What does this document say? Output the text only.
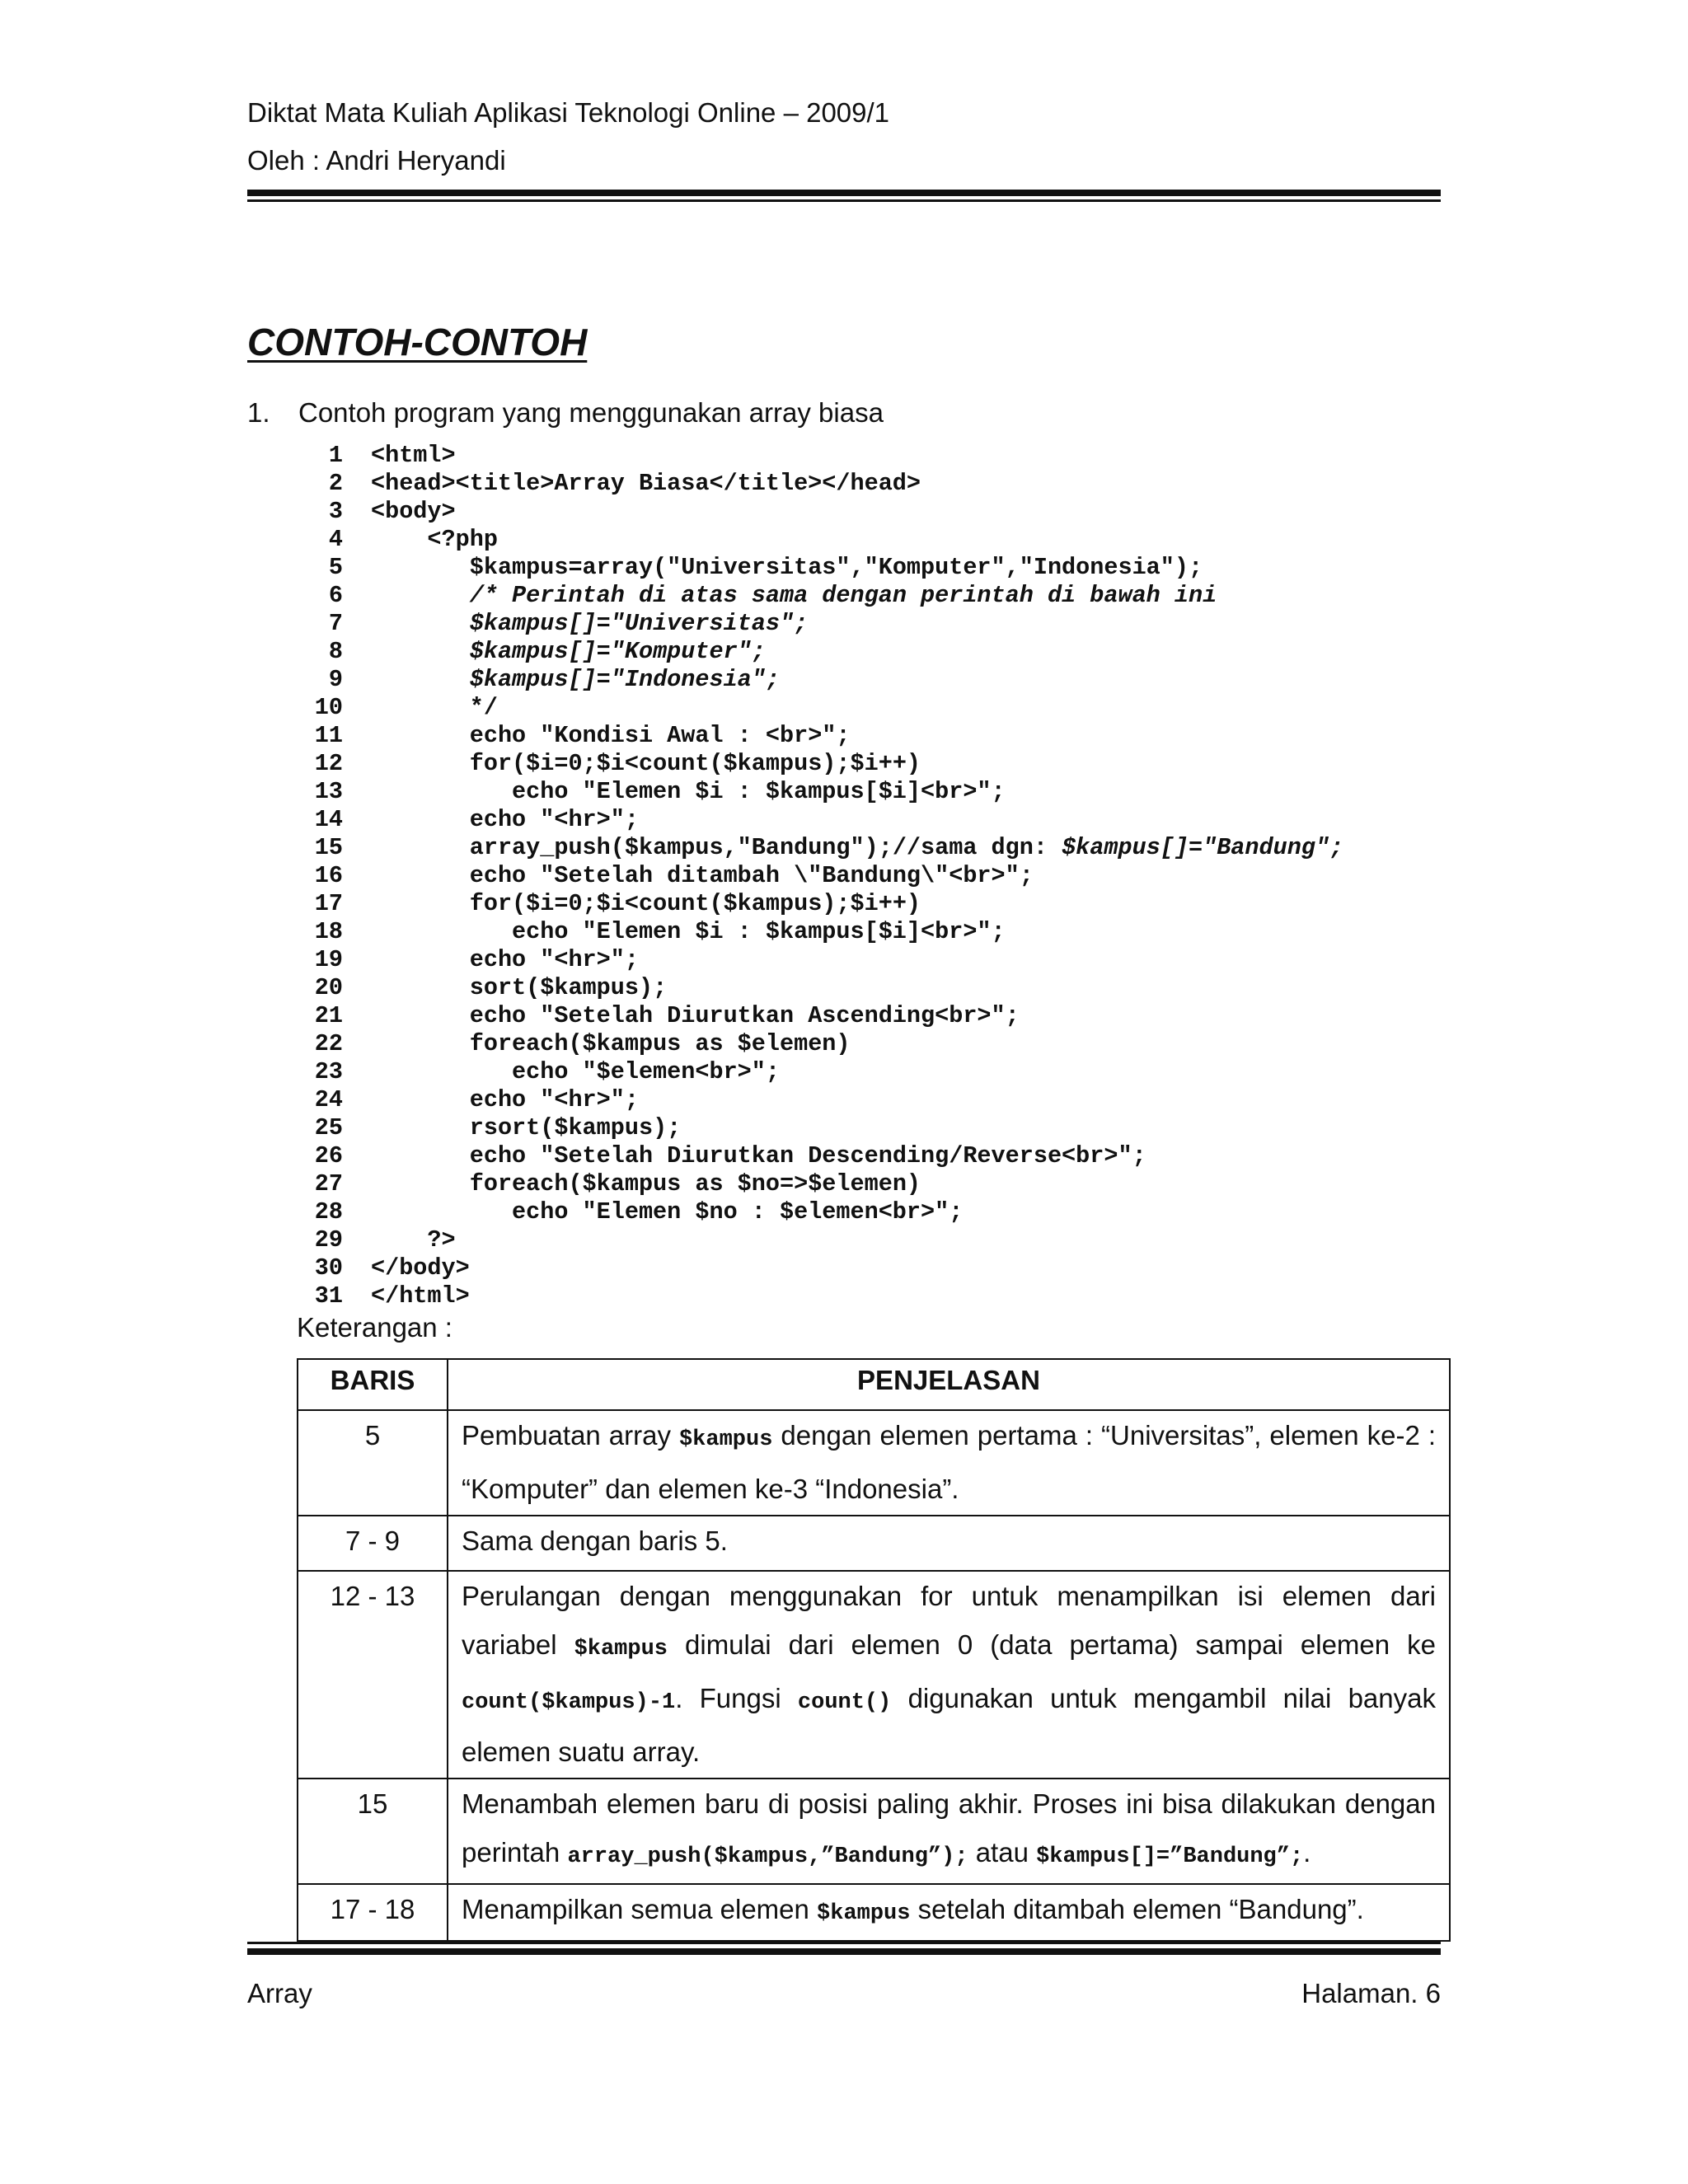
Diktat Mata Kuliah Aplikasi Teknologi Online – 2009/1
Oleh : Andri Heryandi
CONTOH-CONTOH
1. Contoh program yang menggunakan array biasa
1 <html>
2 <head><title>Array Biasa</title></head>
3 <body>
4	<?php
5	$kampus=array("Universitas","Komputer","Indonesia");
6	/* Perintah di atas sama dengan perintah di bawah ini
7	$kampus[]="Universitas";
8	$kampus[]="Komputer";
9	$kampus[]="Indonesia";
10	*/
11	echo "Kondisi Awal : <br>";
12	for($i=0;$i<count($kampus);$i++)
13	echo "Elemen $i : $kampus[$i]<br>";
14	echo "<hr>";
15	array_push($kampus,"Bandung");//sama dgn: $kampus[]="Bandung";
16	echo "Setelah ditambah \"Bandung\"<br>";
17	for($i=0;$i<count($kampus);$i++)
18	echo "Elemen $i : $kampus[$i]<br>";
19	echo "<hr>";
20	sort($kampus);
21	echo "Setelah Diurutkan Ascending<br>";
22	foreach($kampus as $elemen)
23	echo "$elemen<br>";
24	echo "<hr>";
25	rsort($kampus);
26	echo "Setelah Diurutkan Descending/Reverse<br>";
27	foreach($kampus as $no=>$elemen)
28	echo "Elemen $no : $elemen<br>";
29	?>
30 </body>
31 </html>
Keterangan :
BARIS	PENJELASAN
5	Pembuatan array $kampus dengan elemen pertama : “Universitas”, elemen ke-2 : “Komputer” dan elemen ke-3 “Indonesia”.
7 - 9	Sama dengan baris 5.
12 - 13	Perulangan dengan menggunakan for untuk menampilkan isi elemen dari variabel $kampus dimulai dari elemen 0 (data pertama) sampai elemen ke count($kampus)-1. Fungsi count() digunakan untuk mengambil nilai banyak elemen suatu array.
15	Menambah elemen baru di posisi paling akhir. Proses ini bisa dilakukan dengan perintah array_push($kampus,”Bandung”); atau $kampus[]=”Bandung”;.
17 - 18	Menampilkan semua elemen $kampus setelah ditambah elemen “Bandung”.
Array	Halaman. 6
